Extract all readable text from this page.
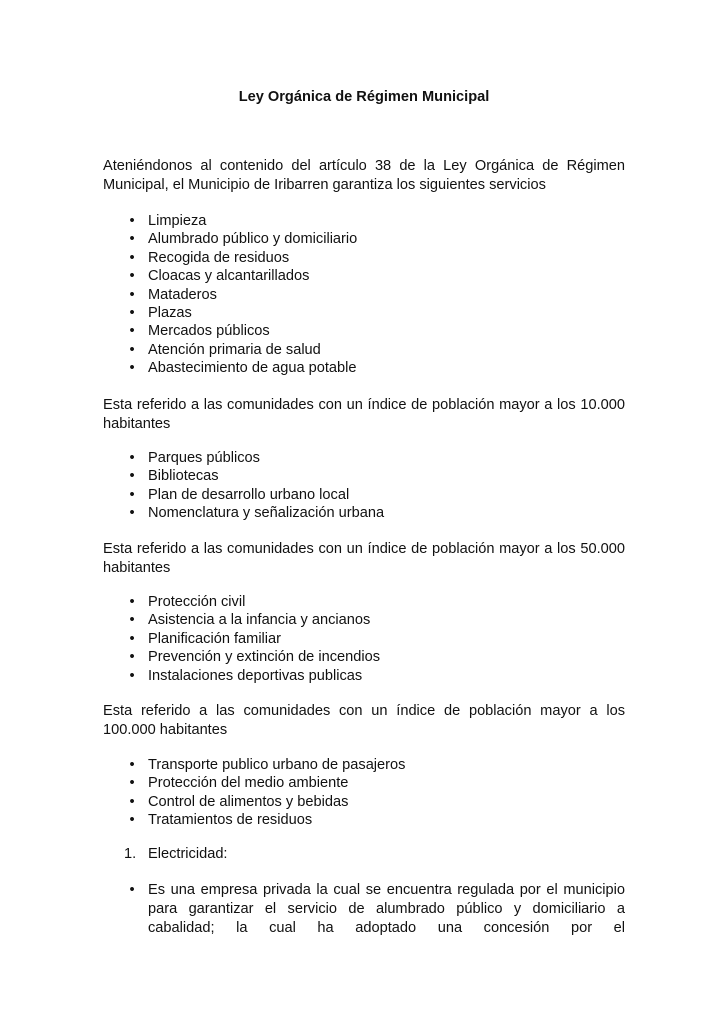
Ley Orgánica de Régimen Municipal
Ateniéndonos al contenido del artículo 38 de la Ley Orgánica de Régimen Municipal, el Municipio de Iribarren garantiza los siguientes servicios
• Limpieza
• Alumbrado público y domiciliario
• Recogida de residuos
• Cloacas y alcantarillados
• Mataderos
• Plazas
• Mercados públicos
• Atención primaria de salud
• Abastecimiento de agua potable
Esta referido a las comunidades con un índice de población mayor a los 10.000 habitantes
• Parques públicos
• Bibliotecas
• Plan de desarrollo urbano local
• Nomenclatura y señalización urbana
Esta referido a las comunidades con un índice de población mayor a los 50.000 habitantes
• Protección civil
• Asistencia a la infancia y ancianos
• Planificación familiar
• Prevención y extinción de incendios
• Instalaciones deportivas publicas
Esta referido a las comunidades con un índice de población mayor a los 100.000 habitantes
• Transporte publico urbano de pasajeros
• Protección del medio ambiente
• Control de alimentos y bebidas
• Tratamientos de residuos
1. Electricidad:
• Es una empresa privada la cual se encuentra regulada por el municipio para garantizar el servicio de alumbrado público y domiciliario a cabalidad; la cual ha adoptado una concesión por el
